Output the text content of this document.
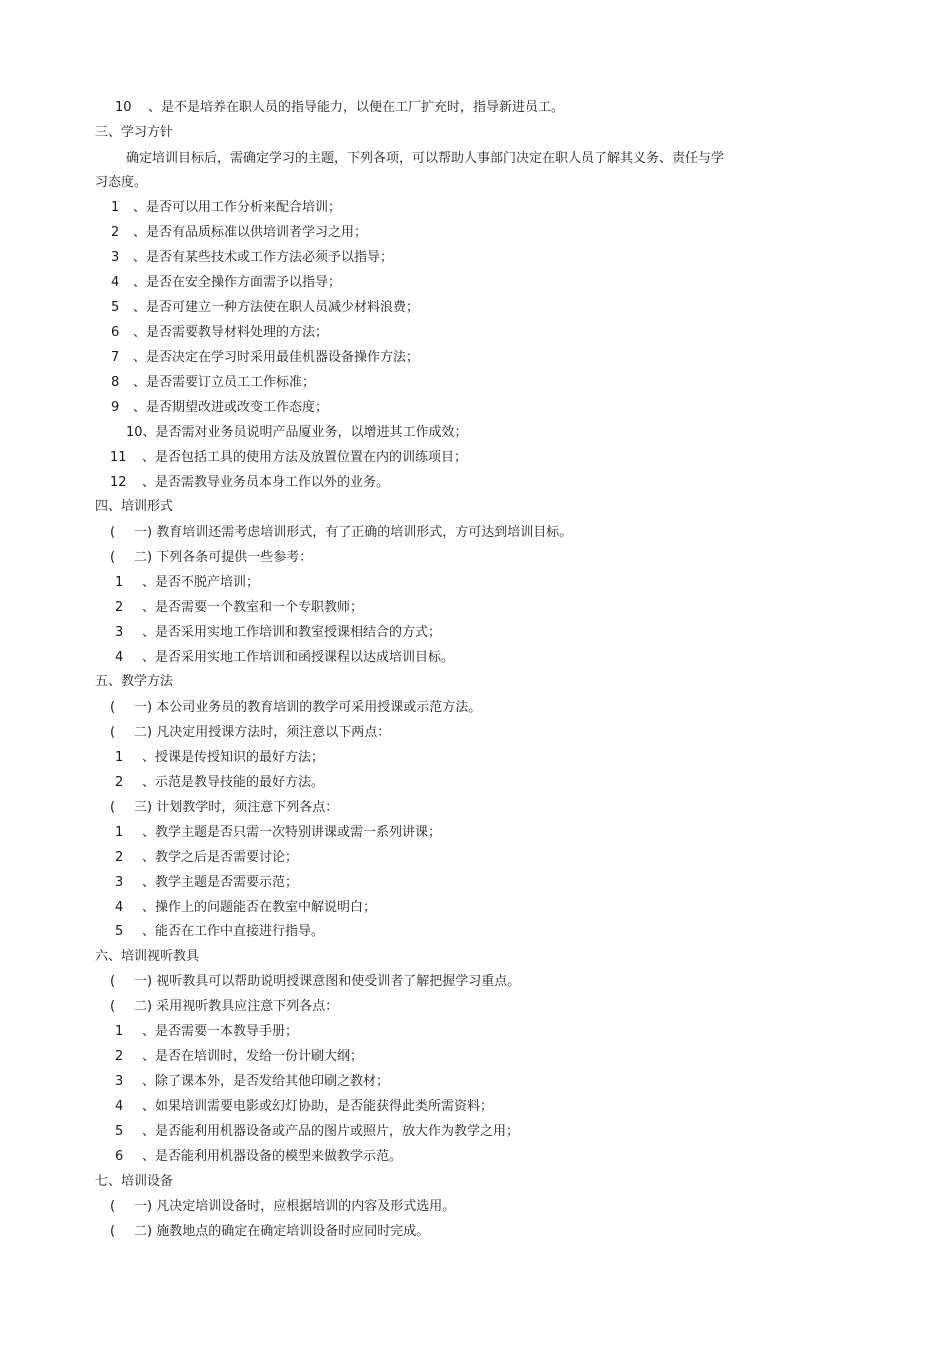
10 、是不是培养在职人员的指导能力，以便在工厂扩充时，指导新进员工。
三、学习方针
确定培训目标后，需确定学习的主题，下列各项，可以帮助人事部门决定在职人员了解其义务、责任与学
习态度。
1 、是否可以用工作分析来配合培训；
2 、是否有品质标准以供培训者学习之用；
3 、是否有某些技术或工作方法必须予以指导；
4 、是否在安全操作方面需予以指导；
5 、是否可建立一种方法使在职人员减少材料浪费；
6 、是否需要教导材料处理的方法；
7 、是否决定在学习时采用最佳机器设备操作方法；
8 、是否需要订立员工工作标准；
9 、是否期望改进或改变工作态度；
10、是否需对业务员说明产品厦业务，以增进其工作成效；
11 、是否包括工具的使用方法及放置位置在内的训练项目；
12 、是否需教导业务员本身工作以外的业务。
四、培训形式
( 一) 教育培训还需考虑培训形式，有了正确的培训形式，方可达到培训目标。
( 二) 下列各条可提供一些参考：
1 、是否不脱产培训；
2 、是否需要一个教室和一个专职教师；
3 、是否采用实地工作培训和教室授课相结合的方式；
4 、是否采用实地工作培训和函授课程以达成培训目标。
五、教学方法
( 一) 本公司业务员的教育培训的教学可采用授课或示范方法。
( 二) 凡决定用授课方法时，须注意以下两点：
1 、授课是传授知识的最好方法；
2 、示范是教导技能的最好方法。
( 三) 计划教学时，须注意下列各点：
1 、教学主题是否只需一次特别讲课或需一系列讲课；
2 、教学之后是否需要讨论；
3 、教学主题是否需要示范；
4 、操作上的问题能否在教室中解说明白；
5 、能否在工作中直接进行指导。
六、培训视听教具
( 一) 视听教具可以帮助说明授课意图和使受训者了解把握学习重点。
( 二) 采用视听教具应注意下列各点：
1 、是否需要一本教导手册；
2 、是否在培训时，发给一份计刷大纲；
3 、除了课本外，是否发给其他印刷之教材；
4 、如果培训需要电影或幻灯协助，是否能获得此类所需资料；
5 、是否能利用机器设备或产品的图片或照片，放大作为教学之用；
6 、是否能利用机器设备的模型来做教学示范。
七、培训设备
( 一) 凡决定培训设备时，应根据培训的内容及形式选用。
( 二) 施教地点的确定在确定培训设备时应同时完成。
